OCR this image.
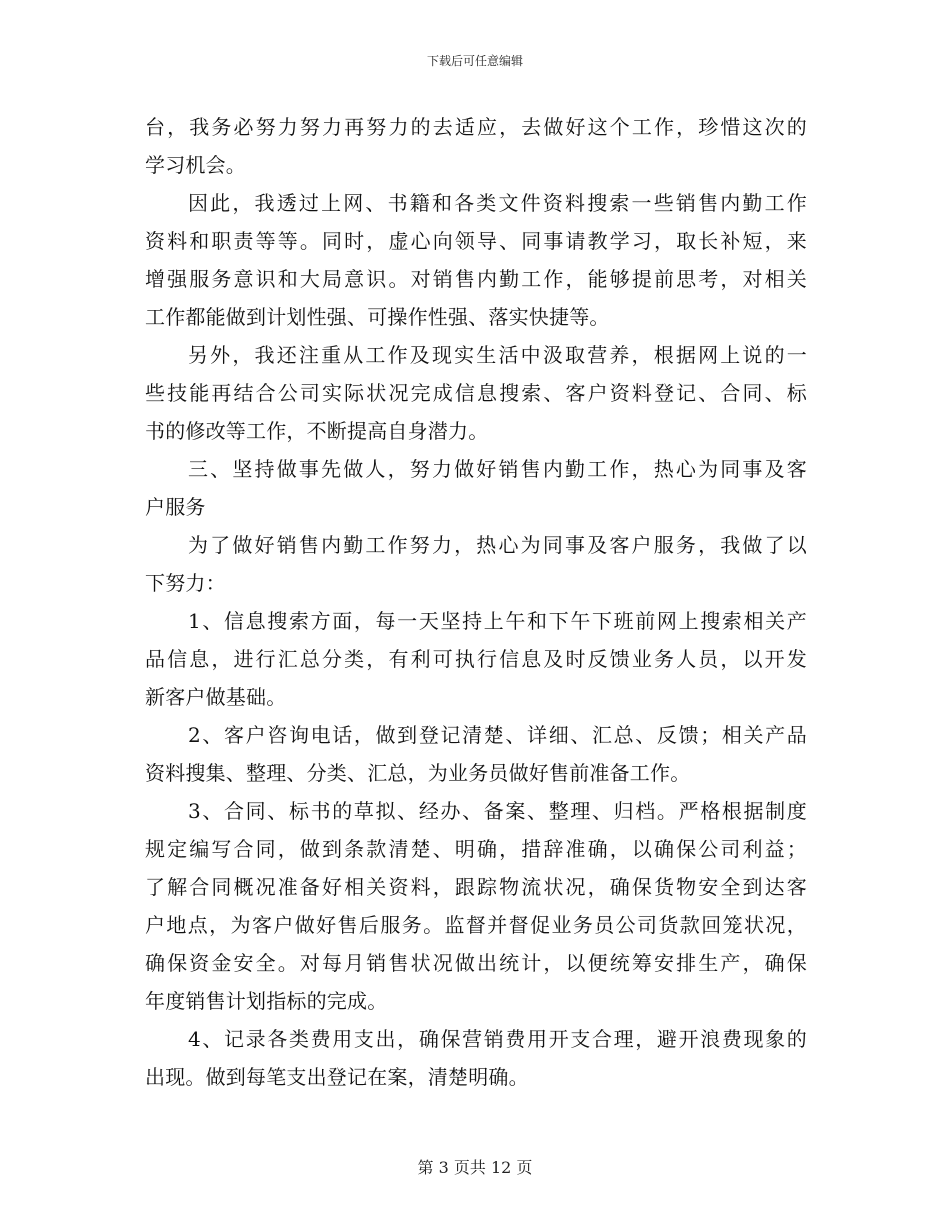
下载后可任意编辑
台，我务必努力努力再努力的去适应，去做好这个工作，珍惜这次的
学习机会。
因此，我透过上网、书籍和各类文件资料搜索一些销售内勤工作
资料和职责等等。同时，虚心向领导、同事请教学习，取长补短，来
增强服务意识和大局意识。对销售内勤工作，能够提前思考，对相关
工作都能做到计划性强、可操作性强、落实快捷等。
另外，我还注重从工作及现实生活中汲取营养，根据网上说的一
些技能再结合公司实际状况完成信息搜索、客户资料登记、合同、标
书的修改等工作，不断提高自身潜力。
三、坚持做事先做人，努力做好销售内勤工作，热心为同事及客
户服务
为了做好销售内勤工作努力，热心为同事及客户服务，我做了以
下努力：
1、信息搜索方面，每一天坚持上午和下午下班前网上搜索相关产
品信息，进行汇总分类，有利可执行信息及时反馈业务人员，以开发
新客户做基础。
2、客户咨询电话，做到登记清楚、详细、汇总、反馈；相关产品
资料搜集、整理、分类、汇总，为业务员做好售前准备工作。
3、合同、标书的草拟、经办、备案、整理、归档。严格根据制度
规定编写合同，做到条款清楚、明确，措辞准确，以确保公司利益；
了解合同概况准备好相关资料，跟踪物流状况，确保货物安全到达客
户地点，为客户做好售后服务。监督并督促业务员公司货款回笼状况，
确保资金安全。对每月销售状况做出统计，以便统筹安排生产，确保
年度销售计划指标的完成。
4、记录各类费用支出，确保营销费用开支合理，避开浪费现象的
出现。做到每笔支出登记在案，清楚明确。
第 3 页共 12 页
